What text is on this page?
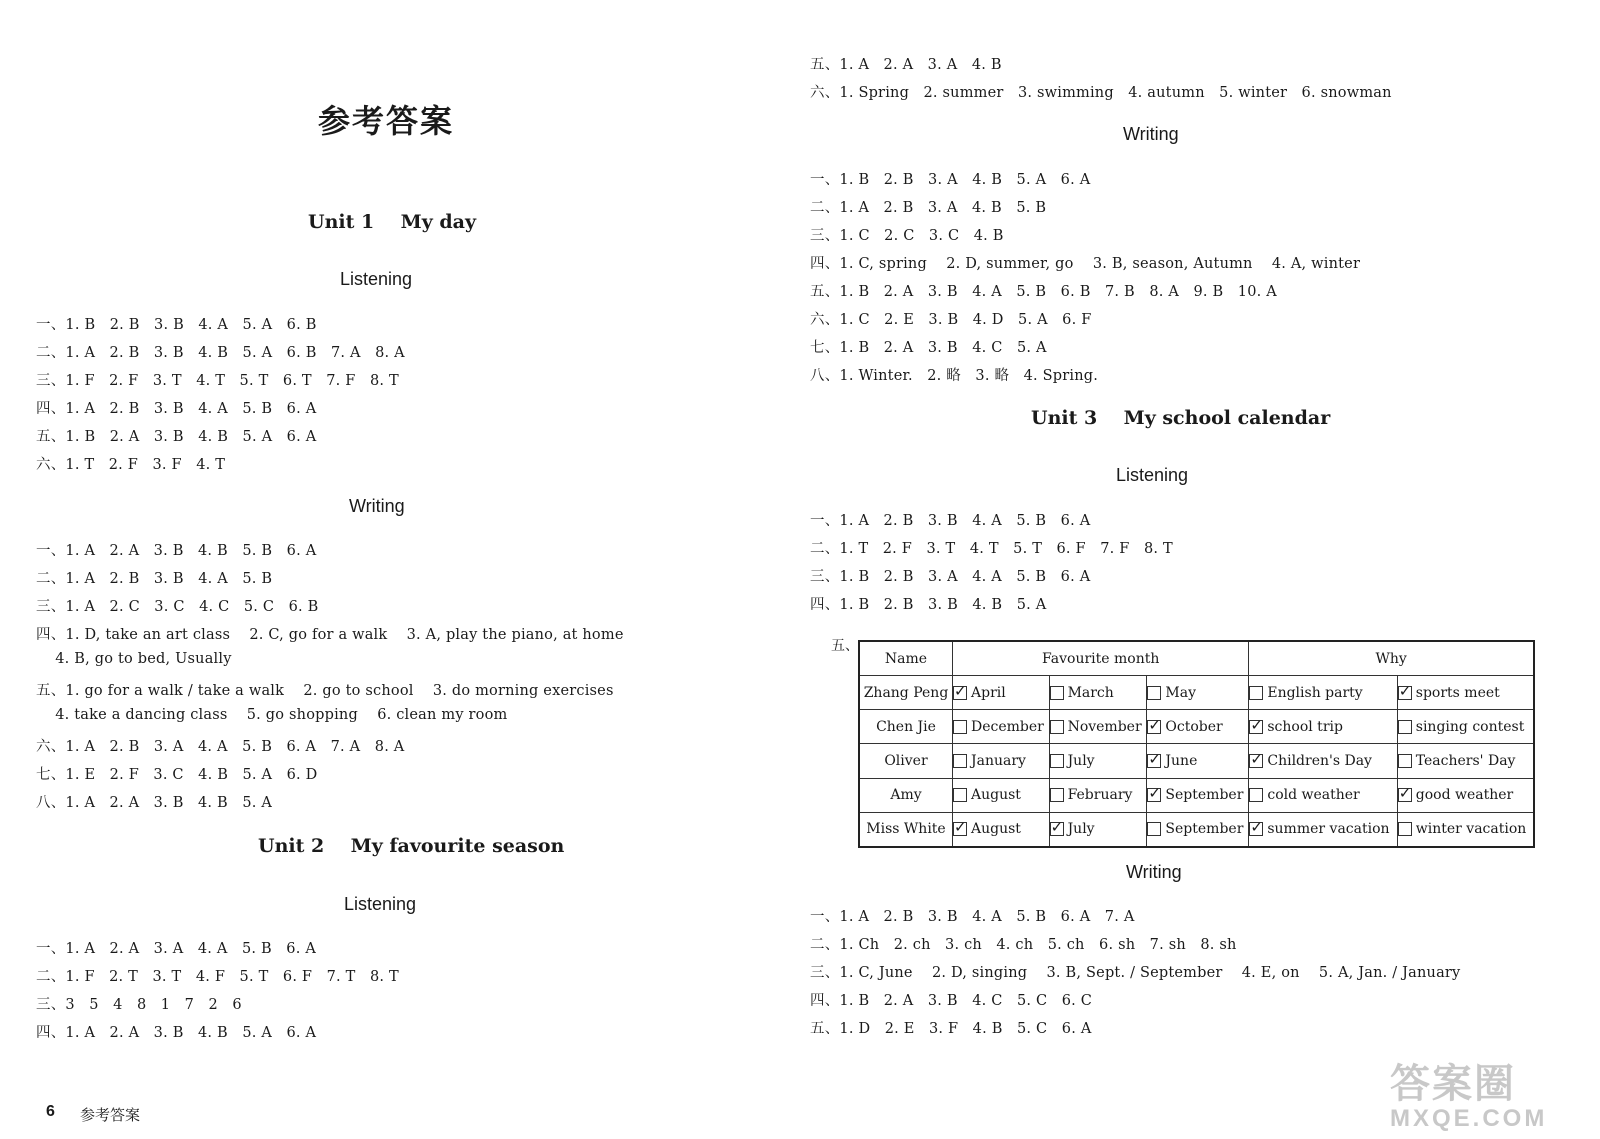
参考答案
Unit 1    My day
Listening
一、1. B   2. B   3. B   4. A   5. A   6. B
二、1. A   2. B   3. B   4. B   5. A   6. B   7. A   8. A
三、1. F   2. F   3. T   4. T   5. T   6. T   7. F   8. T
四、1. A   2. B   3. B   4. A   5. B   6. A
五、1. B   2. A   3. B   4. B   5. A   6. A
六、1. T   2. F   3. F   4. T
Writing
一、1. A   2. A   3. B   4. B   5. B   6. A
二、1. A   2. B   3. B   4. A   5. B
三、1. A   2. C   3. C   4. C   5. C   6. B
四、1. D, take an art class    2. C, go for a walk    3. A, play the piano, at home
4. B, go to bed, Usually
五、1. go for a walk / take a walk    2. go to school    3. do morning exercises
4. take a dancing class    5. go shopping    6. clean my room
六、1. A   2. B   3. A   4. A   5. B   6. A   7. A   8. A
七、1. E   2. F   3. C   4. B   5. A   6. D
八、1. A   2. A   3. B   4. B   5. A
Unit 2    My favourite season
Listening
一、1. A   2. A   3. A   4. A   5. B   6. A
二、1. F   2. T   3. T   4. F   5. T   6. F   7. T   8. T
三、3   5   4   8   1   7   2   6
四、1. A   2. A   3. B   4. B   5. A   6. A
6 参考答案
五、1. A   2. A   3. A   4. B
六、1. Spring   2. summer   3. swimming   4. autumn   5. winter   6. snowman
Writing
一、1. B   2. B   3. A   4. B   5. A   6. A
二、1. A   2. B   3. A   4. B   5. B
三、1. C   2. C   3. C   4. B
四、1. C, spring    2. D, summer, go    3. B, season, Autumn    4. A, winter
五、1. B   2. A   3. B   4. A   5. B   6. B   7. B   8. A   9. B   10. A
六、1. C   2. E   3. B   4. D   5. A   6. F
七、1. B   2. A   3. B   4. C   5. A
八、1. Winter.   2. 略   3. 略   4. Spring.
Unit 3    My school calendar
Listening
一、1. A   2. B   3. B   4. A   5. B   6. A
二、1. T   2. F   3. T   4. T   5. T   6. F   7. F   8. T
三、1. B   2. B   3. A   4. A   5. B   6. A
四、1. B   2. B   3. B   4. B   5. A
五、
Name	Favourite month			Why	
Zhang Peng	✓April	March	May	English party	✓sports meet
Chen Jie	December	November	✓October	✓school trip	singing contest
Oliver	January	July	✓June	✓Children's Day	Teachers' Day
Amy	August	February	✓September	cold weather	✓good weather
Miss White	✓August	✓July	September	✓summer vacation	winter vacation
Writing
一、1. A   2. B   3. B   4. A   5. B   6. A   7. A
二、1. Ch   2. ch   3. ch   4. ch   5. ch   6. sh   7. sh   8. sh
三、1. C, June    2. D, singing    3. B, Sept. / September    4. E, on    5. A, Jan. / January
四、1. B   2. A   3. B   4. C   5. C   6. C
五、1. D   2. E   3. F   4. B   5. C   6. A
答案圈
MXQE.COM
